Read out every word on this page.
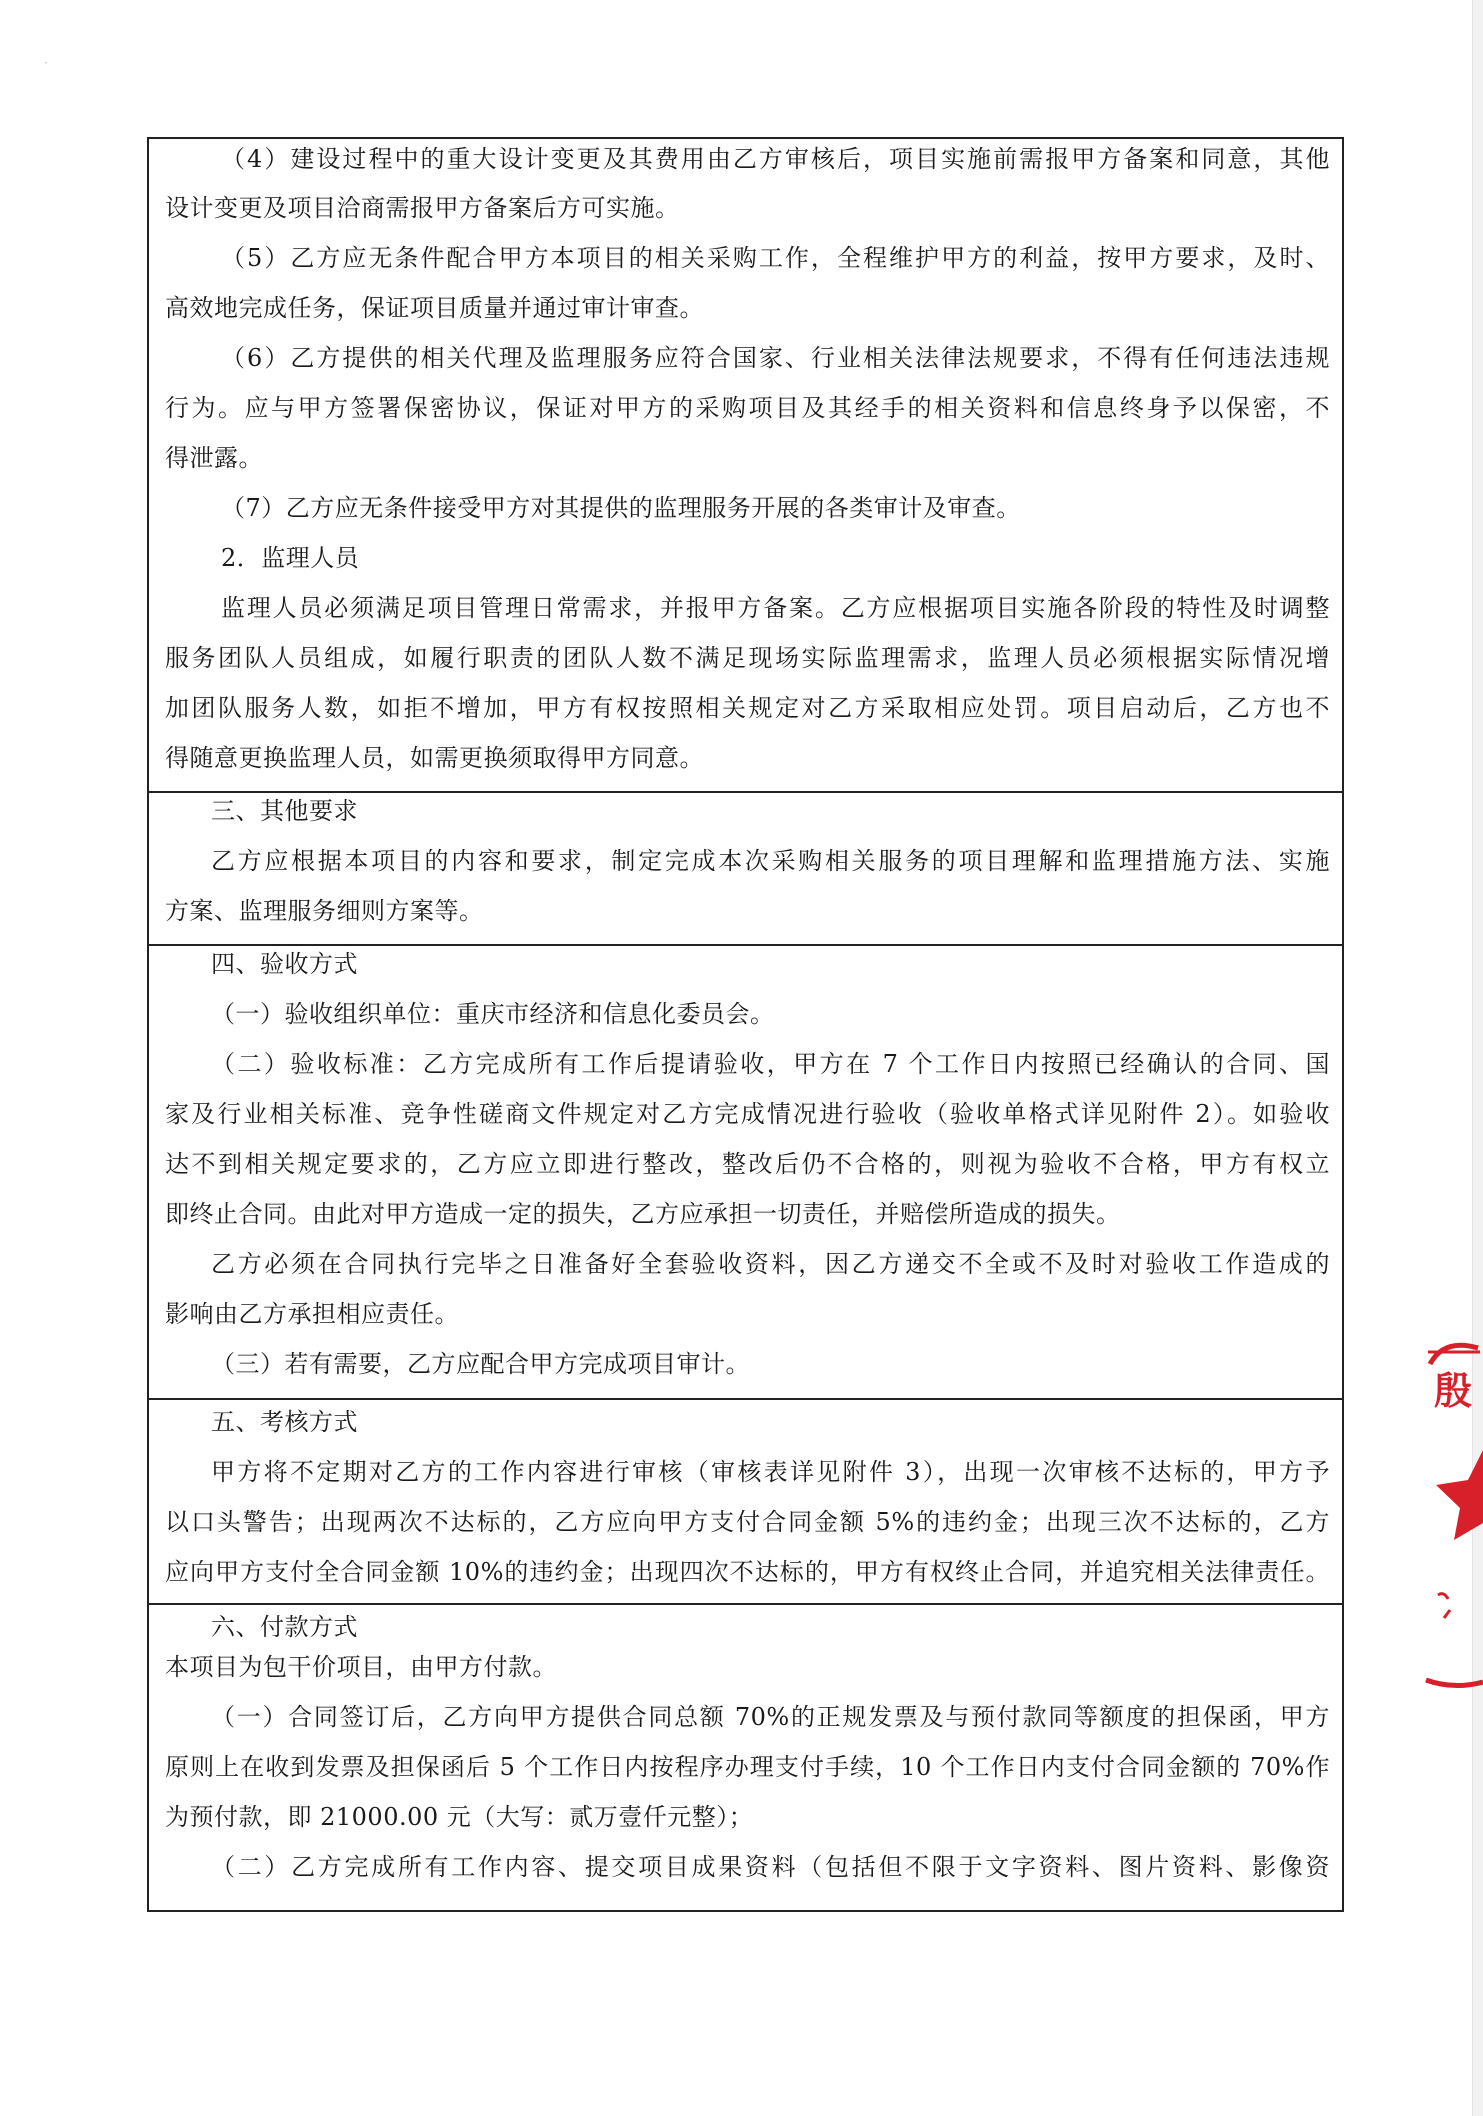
·
（4）建设过程中的重大设计变更及其费用由乙方审核后，项目实施前需报甲方备案和同意，其他
设计变更及项目洽商需报甲方备案后方可实施。
（5）乙方应无条件配合甲方本项目的相关采购工作，全程维护甲方的利益，按甲方要求，及时、
高效地完成任务，保证项目质量并通过审计审查。
（6）乙方提供的相关代理及监理服务应符合国家、行业相关法律法规要求，不得有任何违法违规
行为。应与甲方签署保密协议，保证对甲方的采购项目及其经手的相关资料和信息终身予以保密，不
得泄露。
（7）乙方应无条件接受甲方对其提供的监理服务开展的各类审计及审查。
2．监理人员
监理人员必须满足项目管理日常需求，并报甲方备案。乙方应根据项目实施各阶段的特性及时调整
服务团队人员组成，如履行职责的团队人数不满足现场实际监理需求，监理人员必须根据实际情况增
加团队服务人数，如拒不增加，甲方有权按照相关规定对乙方采取相应处罚。项目启动后，乙方也不
得随意更换监理人员，如需更换须取得甲方同意。
三、其他要求
乙方应根据本项目的内容和要求，制定完成本次采购相关服务的项目理解和监理措施方法、实施
方案、监理服务细则方案等。
四、验收方式
（一）验收组织单位：重庆市经济和信息化委员会。
（二）验收标准：乙方完成所有工作后提请验收，甲方在 7 个工作日内按照已经确认的合同、国
家及行业相关标准、竞争性磋商文件规定对乙方完成情况进行验收（验收单格式详见附件 2）。如验收
达不到相关规定要求的，乙方应立即进行整改，整改后仍不合格的，则视为验收不合格，甲方有权立
即终止合同。由此对甲方造成一定的损失，乙方应承担一切责任，并赔偿所造成的损失。
乙方必须在合同执行完毕之日准备好全套验收资料，因乙方递交不全或不及时对验收工作造成的
影响由乙方承担相应责任。
（三）若有需要，乙方应配合甲方完成项目审计。
五、考核方式
甲方将不定期对乙方的工作内容进行审核（审核表详见附件 3），出现一次审核不达标的，甲方予
以口头警告；出现两次不达标的，乙方应向甲方支付合同金额 5%的违约金；出现三次不达标的，乙方
应向甲方支付全合同金额 10%的违约金；出现四次不达标的，甲方有权终止合同，并追究相关法律责任。
六、付款方式
本项目为包干价项目，由甲方付款。
（一）合同签订后，乙方向甲方提供合同总额 70%的正规发票及与预付款同等额度的担保函，甲方
原则上在收到发票及担保函后 5 个工作日内按程序办理支付手续，10 个工作日内支付合同金额的 70%作
为预付款，即 21000.00 元（大写：贰万壹仟元整）；
（二）乙方完成所有工作内容、提交项目成果资料（包括但不限于文字资料、图片资料、影像资
殷
